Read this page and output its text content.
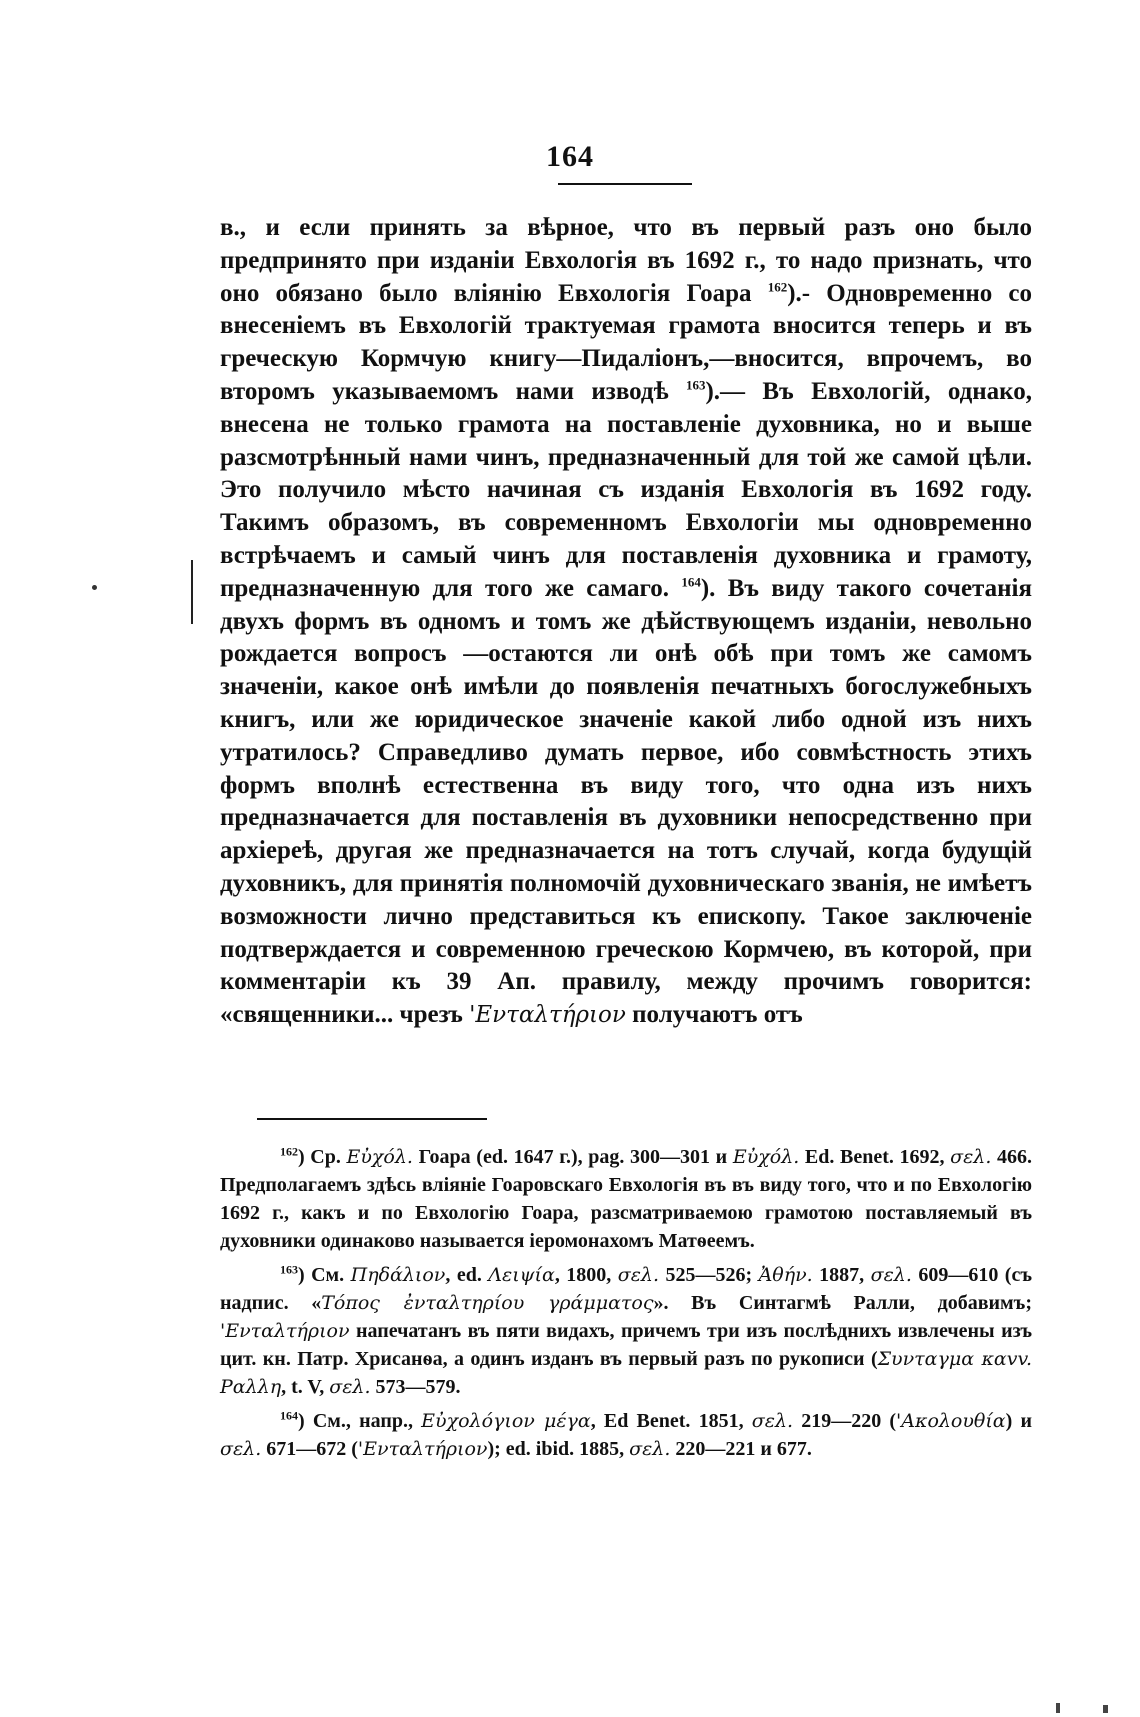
164

в., и если принять за вѣрное, что въ первый разъ оно было предпринято при изданіи Евхологія въ 1692 г., то надо признать, что оно обязано было вліянію Евхологія Гоара $^{162}$).- Одновременно со внесеніемъ въ Евхологій трактуемая грамота вносится теперь и въ греческую Кормчую книгу—Пидаліонъ,—вносится, впрочемъ, во второмъ указываемомъ нами изводѣ $^{163}$).— Въ Евхологій, однако, внесена не только грамота на поставленіе духовника, но и выше разсмотрѣнный нами чинъ, предназначенный для той же самой цѣли. Это получило мѣсто начиная съ изданія Евхологія въ 1692 году. Такимъ образомъ, въ современномъ Евхологіи мы одновременно встрѣчаемъ и самый чинъ для поставленія духовника и грамоту, предназначенную для того же самаго. $^{164}$). Въ виду такого сочетанія двухъ формъ въ одномъ и томъ же дѣйствующемъ изданіи, невольно рождается вопросъ —остаются ли онѣ обѣ при томъ же самомъ значеніи, какое онѣ имѣли до появленія печатныхъ богослужебныхъ книгъ, или же юридическое значеніе какой либо одной изъ нихъ утратилось? Справедливо думать первое, ибо совмѣстность этихъ формъ вполнѣ естественна въ виду того, что одна изъ нихъ предназначается для поставленія въ духовники непосредственно при архіереѣ, другая же предназначается на тотъ случай, когда будущій духовникъ, для принятія полномочій духовническаго званія, не имѣетъ возможности лично представиться къ епископу. Такое заключеніе подтверждается и современною греческою Кормчею, въ которой, при комментаріи къ 39 Ап. правилу, между прочимъ говорится: «священники... чрезъ 'Ενταλτήριον получаютъ отъ

$^{162}$) Ср. Εὐχόλ. Гоара (ed. 1647 г.), pag. 300—301 и Εὐχόλ. Ed. Benet. 1692, σελ. 466. Предполагаемъ здѣсь вліяніе Гоаровскаго Евхологія въ въ виду того, что и по Евхологію 1692 г., какъ и по Евхологію Гоара, разсматриваемою грамотою поставляемый въ духовники одинаково называется іеромонахомъ Матѳеемъ.

$^{163}$) См. Πηδάλιον, ed. Λειψία, 1800, σελ. 525—526; Ἀθήν. 1887, σελ. 609—610 (съ надпис. «Τόπος ἐνταλτηρίου γράμματος». Въ Синтагмѣ Ралли, добавимъ; 'Ενταλτήριον напечатанъ въ пяти видахъ, причемъ три изъ послѣднихъ извлечены изъ цит. кн. Патр. Хрисанѳа, а одинъ изданъ въ первый разъ по рукописи (Συνταγμα καvv. Ραλλη, t. V, σελ. 573—579.

$^{164}$) См., напр., Εὐχολόγιον μέγα, Ed Benet. 1851, σελ. 219—220 ('Ακολουθία) и σελ. 671—672 ('Ενταλτήριον); ed. ibid. 1885, σελ. 220—221 и 677.
